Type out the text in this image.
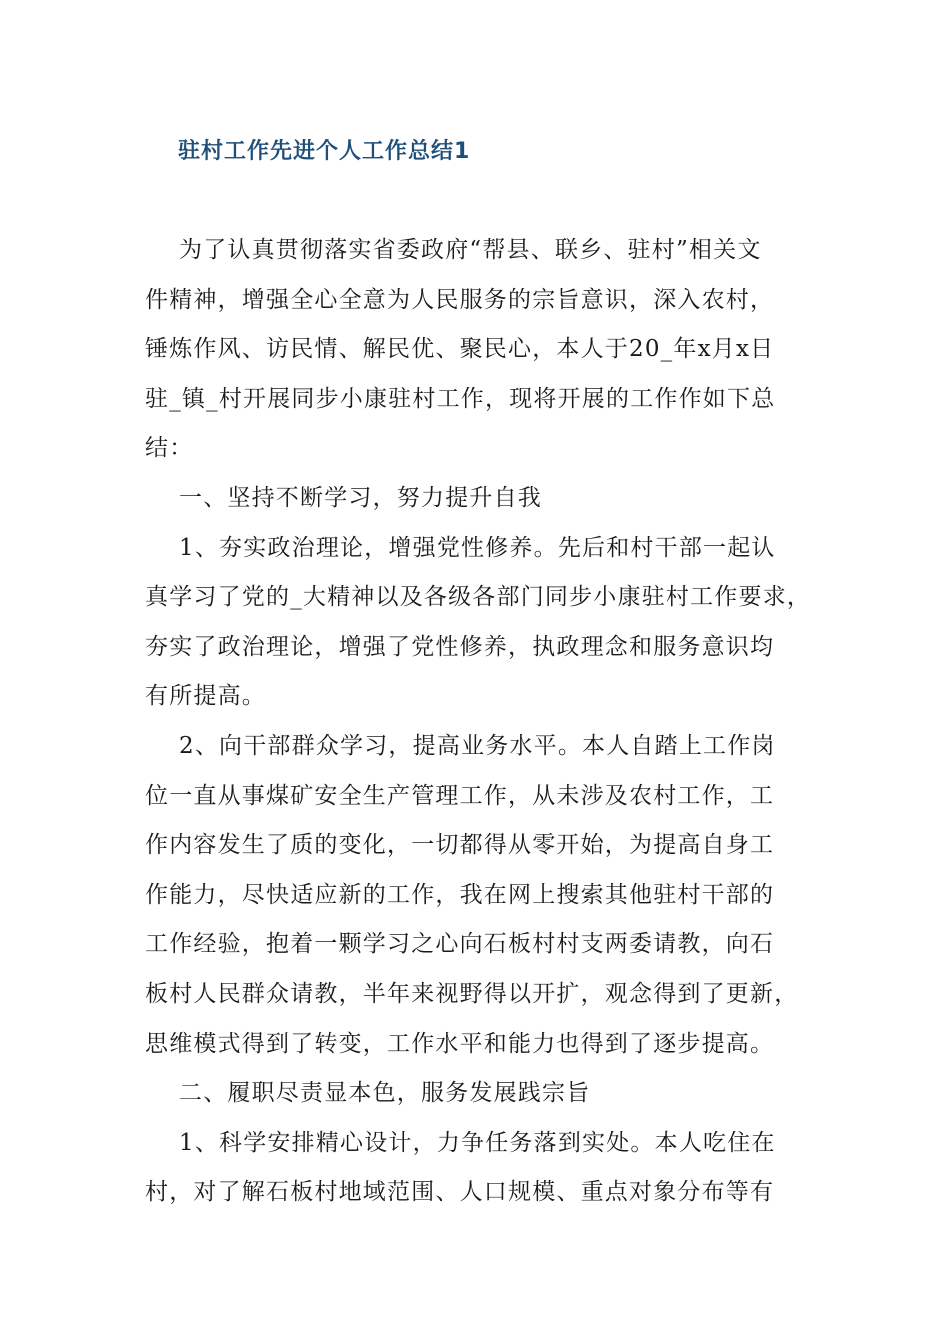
驻村工作先进个人工作总结1
为了认真贯彻落实省委政府“帮县、联乡、驻村”相关文
件精神，增强全心全意为人民服务的宗旨意识，深入农村，
锤炼作风、访民情、解民优、聚民心，本人于20_年x月x日
驻_镇_村开展同步小康驻村工作，现将开展的工作作如下总
结：
一、坚持不断学习，努力提升自我
1、夯实政治理论，增强党性修养。先后和村干部一起认
真学习了党的_大精神以及各级各部门同步小康驻村工作要求，
夯实了政治理论，增强了党性修养，执政理念和服务意识均
有所提高。
2、向干部群众学习，提高业务水平。本人自踏上工作岗
位一直从事煤矿安全生产管理工作，从未涉及农村工作，工
作内容发生了质的变化，一切都得从零开始，为提高自身工
作能力，尽快适应新的工作，我在网上搜索其他驻村干部的
工作经验，抱着一颗学习之心向石板村村支两委请教，向石
板村人民群众请教，半年来视野得以开扩，观念得到了更新，
思维模式得到了转变，工作水平和能力也得到了逐步提高。
二、履职尽责显本色，服务发展践宗旨
1、科学安排精心设计，力争任务落到实处。本人吃住在
村，对了解石板村地域范围、人口规模、重点对象分布等有
